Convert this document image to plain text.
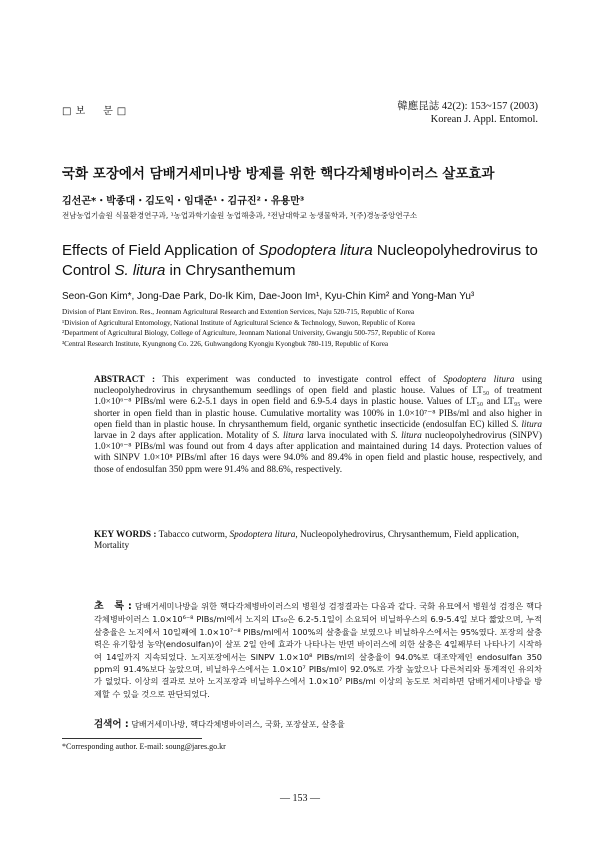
□보　문□	韓應昆誌 42(2): 153~157 (2003)
Korean J. Appl. Entomol.
국화 포장에서 담배거세미나방 방제를 위한 핵다각체병바이러스 살포효과
김선곤*・박종대・김도익・임대준¹・김규진²・유용만³
전남농업기술원 식물환경연구과, ¹농업과학기술원 농업해충과, ²전남대학교 농생물학과, ³(주)경농중앙연구소
Effects of Field Application of Spodoptera litura Nucleopolyhedrovirus to Control S. litura in Chrysanthemum
Seon-Gon Kim*, Jong-Dae Park, Do-Ik Kim, Dae-Joon Im¹, Kyu-Chin Kim² and Yong-Man Yu³
Division of Plant Environ. Res., Jeonnam Agricultural Research and Extention Services, Naju 520-715, Republic of Korea
¹Division of Agricultural Entomology, National Institute of Agricultural Science & Technology, Suwon, Republic of Korea
²Department of Agricultural Biology, College of Agriculture, Jeonnam National University, Gwangju 500-757, Republic of Korea
³Central Research Institute, Kyungnong Co. 226, Guhwangdong Kyongju Kyongbuk 780-119, Republic of Korea
ABSTRACT : This experiment was conducted to investigate control effect of Spodoptera litura using nucleopolyhedrovirus in chrysanthemum seedlings of open field and plastic house. Values of LT₅₀ of treatment 1.0×10⁶⁻⁸ PIBs/ml were 6.2-5.1 days in open field and 6.9-5.4 days in plastic house. Values of LT₅₀ and LT₉₅ were shorter in open field than in plastic house. Cumulative mortality was 100% in 1.0×10⁷⁻⁸ PIBs/ml and also higher in open field than in plastic house. In chrysanthemum field, organic synthetic insecticide (endosulfan EC) killed S. litura larvae in 2 days after application. Motality of S. litura larva inoculated with S. litura nucleopolyhedrovirus (SlNPV) 1.0×10⁶⁻⁸ PIBs/ml was found out from 4 days after application and maintained during 14 days. Protection values of with SlNPV 1.0×10⁸ PIBs/ml after 16 days were 94.0% and 89.4% in open field and plastic house, respectively, and those of endosulfan 350 ppm were 91.4% and 88.6%, respectively.
KEY WORDS : Tabacco cutworm, Spodoptera litura, Nucleopolyhedrovirus, Chrysanthemum, Field application, Mortality
초　록 : 담배거세미나방을 위한 핵다각체병바이러스의 병원성 검정결과는 다음과 같다. 국화 유묘에서 병원성 검정은 핵다각체병바이러스 1.0×10⁶⁻⁸ PIBs/ml에서 노지의 LT₅₀은 6.2-5.1일이 소요되어 비닐하우스의 6.9-5.4일 보다 짧았으며, 누적 살충율은 노지에서 10일째에 1.0×10⁷⁻⁸ PIBs/ml에서 100%의 살충율을 보였으나 비닐하우스에서는 95%였다. 포장의 살충력은 유기합성 농약(endosulfan)이 살포 2일 안에 효과가 나타나는 반면 바이러스에 의한 살충은 4일째부터 나타나기 시작하여 14일까지 지속되었다. 노지포장에서는 SlNPV 1.0×10⁸ PIBs/ml의 살충율이 94.0%로 대조약제인 endosulfan 350 ppm의 91.4%보다 높았으며, 비닐하우스에서는 1.0×10⁷ PIBs/ml이 92.0%로 가장 높았으나 다른처리와 통계적인 유의차가 없었다. 이상의 결과로 보아 노지포장과 비닐하우스에서 1.0×10⁷ PIBs/ml 이상의 농도로 처리하면 담배거세미나방을 방제할 수 있을 것으로 판단되었다.
검색어 : 담배거세미나방, 핵다각체병바이러스, 국화, 포장살포, 살충율
*Corresponding author. E-mail: soung@jares.go.kr
— 153 —
